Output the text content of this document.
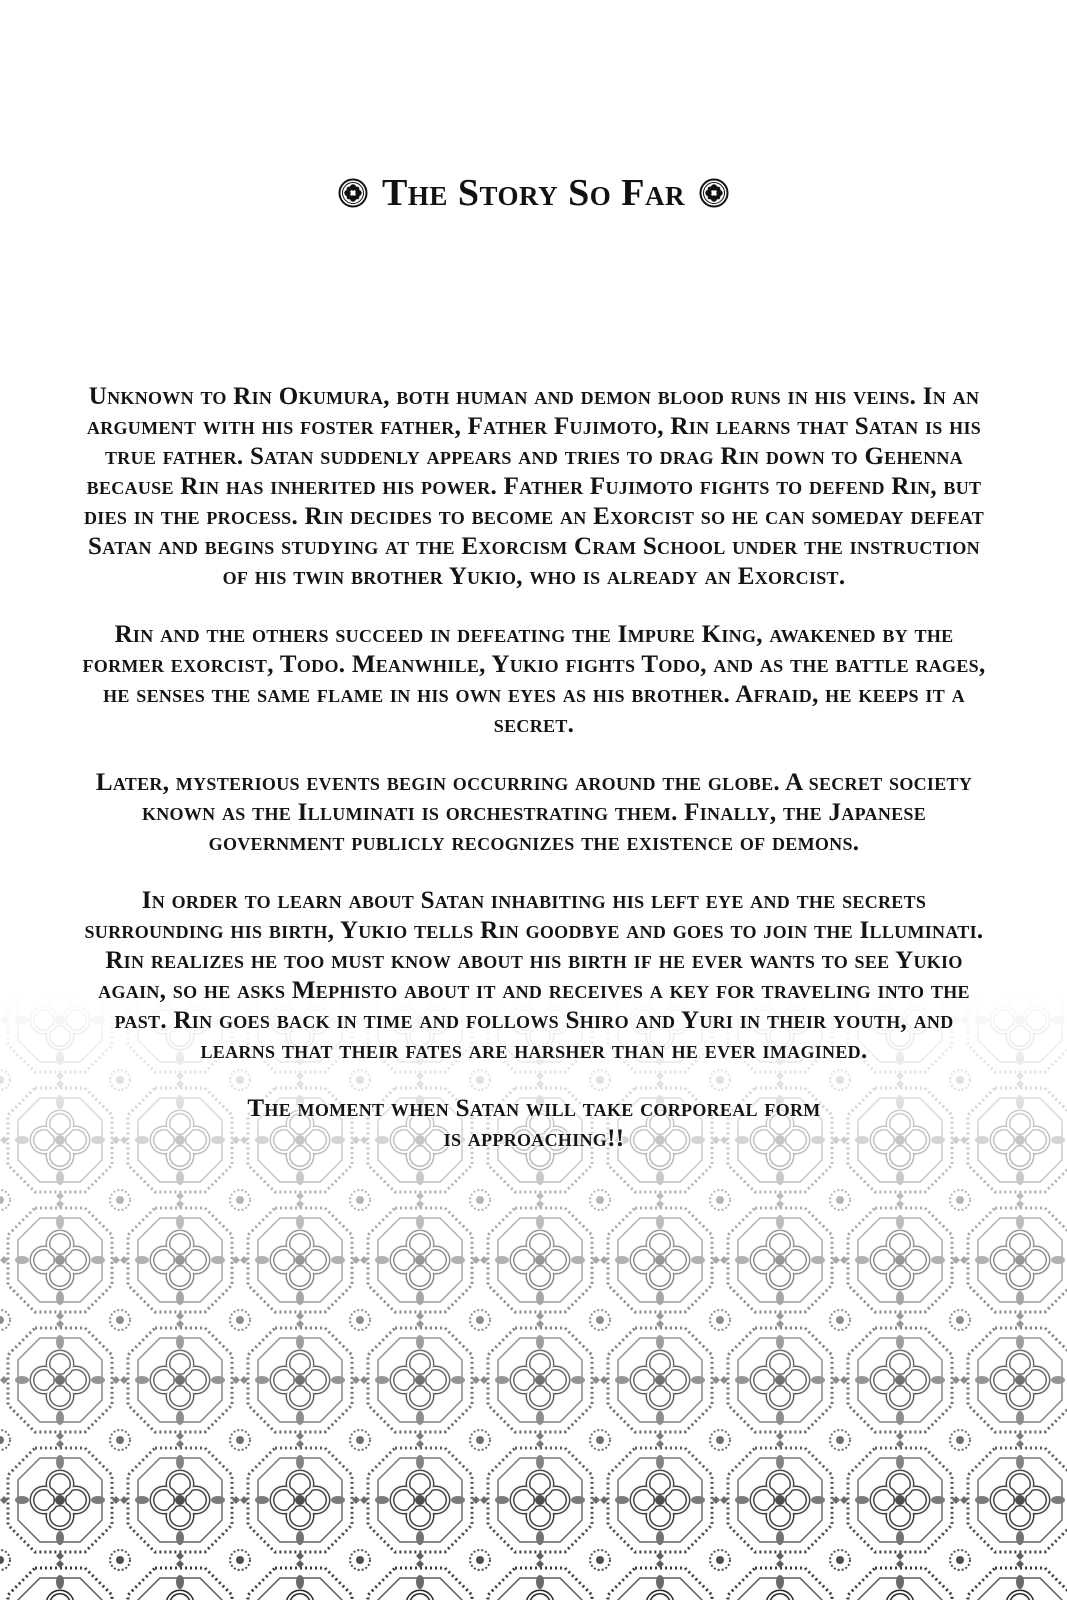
The Story So Far

Unknown to Rin Okumura, both human and demon blood runs in his veins. In an argument with his foster father, Father Fujimoto, Rin learns that Satan is his true father. Satan suddenly appears and tries to drag Rin down to Gehenna because Rin has inherited his power. Father Fujimoto fights to defend Rin, but dies in the process. Rin decides to become an Exorcist so he can someday defeat Satan and begins studying at the Exorcism Cram School under the instruction of his twin brother Yukio, who is already an Exorcist.

Rin and the others succeed in defeating the Impure King, awakened by the former exorcist, Todo. Meanwhile, Yukio fights Todo, and as the battle rages, he senses the same flame in his own eyes as his brother. Afraid, he keeps it a secret.

Later, mysterious events begin occurring around the globe. A secret society known as the Illuminati is orchestrating them. Finally, the Japanese government publicly recognizes the existence of demons.

In order to learn about Satan inhabiting his left eye and the secrets surrounding his birth, Yukio tells Rin goodbye and goes to join the Illuminati. Rin realizes he too must know about his birth if he ever wants to see Yukio again, so he asks Mephisto about it and receives a key for traveling into the past. Rin goes back in time and follows Shiro and Yuri in their youth, and learns that their fates are harsher than he ever imagined.

The moment when Satan will take corporeal form is approaching!!
